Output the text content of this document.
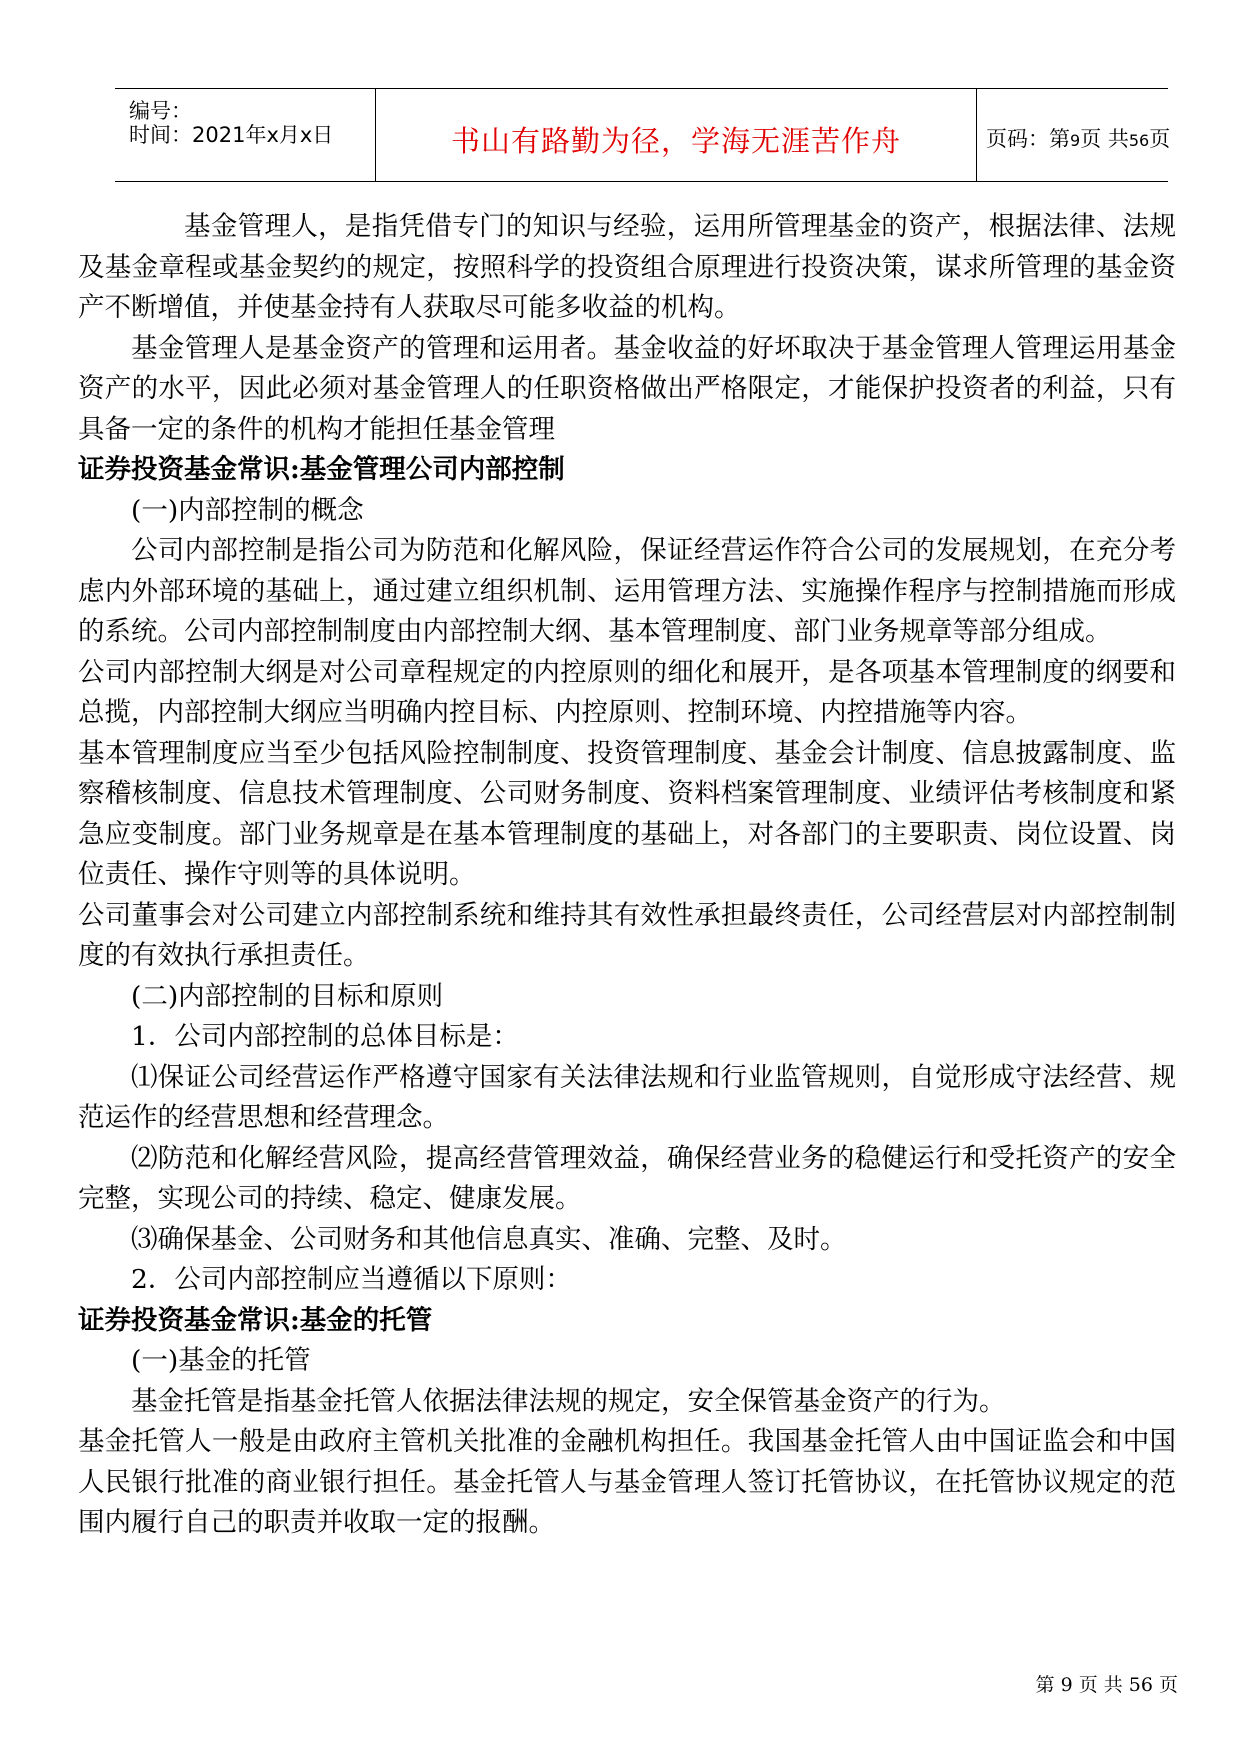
编号：
时间：2021年x月x日	书山有路勤为径，学海无涯苦作舟	页码：第9页 共56页

基金管理人，是指凭借专门的知识与经验，运用所管理基金的资产，根据法律、法规及基金章程或基金契约的规定，按照科学的投资组合原理进行投资决策，谋求所管理的基金资产不断增值，并使基金持有人获取尽可能多收益的机构。

基金管理人是基金资产的管理和运用者。基金收益的好坏取决于基金管理人管理运用基金资产的水平，因此必须对基金管理人的任职资格做出严格限定，才能保护投资者的利益，只有具备一定的条件的机构才能担任基金管理

证券投资基金常识:基金管理公司内部控制

(一)内部控制的概念

公司内部控制是指公司为防范和化解风险，保证经营运作符合公司的发展规划，在充分考虑内外部环境的基础上，通过建立组织机制、运用管理方法、实施操作程序与控制措施而形成的系统。公司内部控制制度由内部控制大纲、基本管理制度、部门业务规章等部分组成。

公司内部控制大纲是对公司章程规定的内控原则的细化和展开，是各项基本管理制度的纲要和总揽，内部控制大纲应当明确内控目标、内控原则、控制环境、内控措施等内容。

基本管理制度应当至少包括风险控制制度、投资管理制度、基金会计制度、信息披露制度、监察稽核制度、信息技术管理制度、公司财务制度、资料档案管理制度、业绩评估考核制度和紧急应变制度。部门业务规章是在基本管理制度的基础上，对各部门的主要职责、岗位设置、岗位责任、操作守则等的具体说明。

公司董事会对公司建立内部控制系统和维持其有效性承担最终责任，公司经营层对内部控制制度的有效执行承担责任。

(二)内部控制的目标和原则

1．公司内部控制的总体目标是：

⑴保证公司经营运作严格遵守国家有关法律法规和行业监管规则，自觉形成守法经营、规范运作的经营思想和经营理念。

⑵防范和化解经营风险，提高经营管理效益，确保经营业务的稳健运行和受托资产的安全完整，实现公司的持续、稳定、健康发展。

⑶确保基金、公司财务和其他信息真实、准确、完整、及时。

2．公司内部控制应当遵循以下原则：

证券投资基金常识:基金的托管

(一)基金的托管

基金托管是指基金托管人依据法律法规的规定，安全保管基金资产的行为。

基金托管人一般是由政府主管机关批准的金融机构担任。我国基金托管人由中国证监会和中国人民银行批准的商业银行担任。基金托管人与基金管理人签订托管协议，在托管协议规定的范围内履行自己的职责并收取一定的报酬。

第 9 页 共 56 页
